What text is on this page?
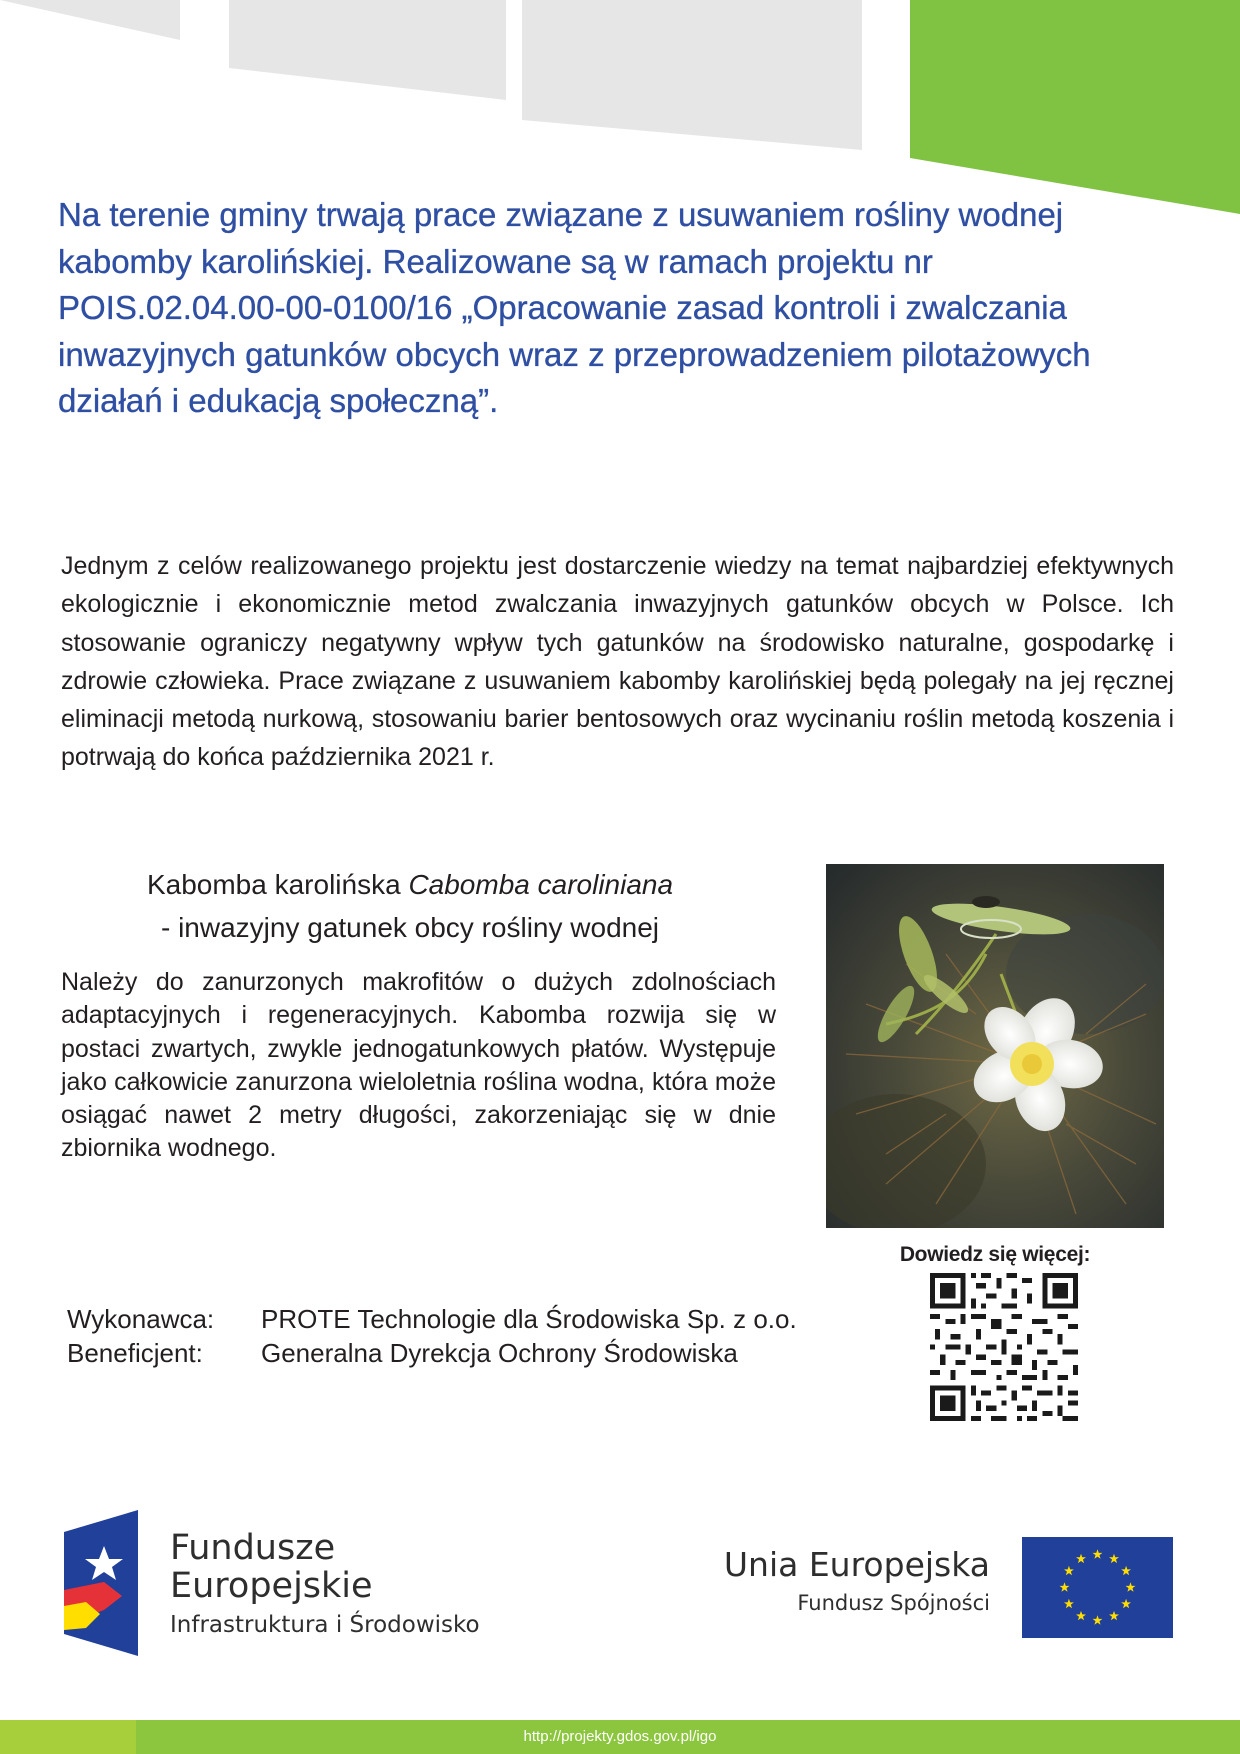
Na terenie gminy trwają prace związane z usuwaniem rośliny wodnej kabomby karolińskiej. Realizowane są w ramach projektu nr POIS.02.04.00-00-0100/16 „Opracowanie zasad kontroli i zwalczania inwazyjnych gatunków obcych wraz z przeprowadzeniem pilotażowych działań i edukacją społeczną”.

Jednym z celów realizowanego projektu jest dostarczenie wiedzy na temat najbardziej efektywnych ekologicznie i ekonomicznie metod zwalczania inwazyjnych gatunków obcych w Polsce. Ich stosowanie ograniczy negatywny wpływ tych gatunków na środowisko naturalne, gospodarkę i zdrowie człowieka. Prace związane z usuwaniem kabomby karolińskiej będą polegały na jej ręcznej eliminacji metodą nurkową, stosowaniu barier bentosowych oraz wycinaniu roślin metodą koszenia i potrwają do końca października 2021 r.

Kabomba karolińska Cabomba caroliniana
- inwazyjny gatunek obcy rośliny wodnej

Należy do zanurzonych makrofitów o dużych zdolnościach adaptacyjnych i regeneracyjnych. Kabomba rozwija się w postaci zwartych, zwykle jednogatunkowych płatów. Występuje jako całkowicie zanurzona wieloletnia roślina wodna, która może osiągać nawet 2 metry długości, zakorzeniając się w dnie zbiornika wodnego.

Dowiedz się więcej:
Wykonawca: PROTE Technologie dla Środowiska Sp. z o.o.
Beneficjent: Generalna Dyrekcja Ochrony Środowiska
Fundusze
Europejskie
Infrastruktura i Środowisko
Unia Europejska
Fundusz Spójności
http://projekty.gdos.gov.pl/igo
